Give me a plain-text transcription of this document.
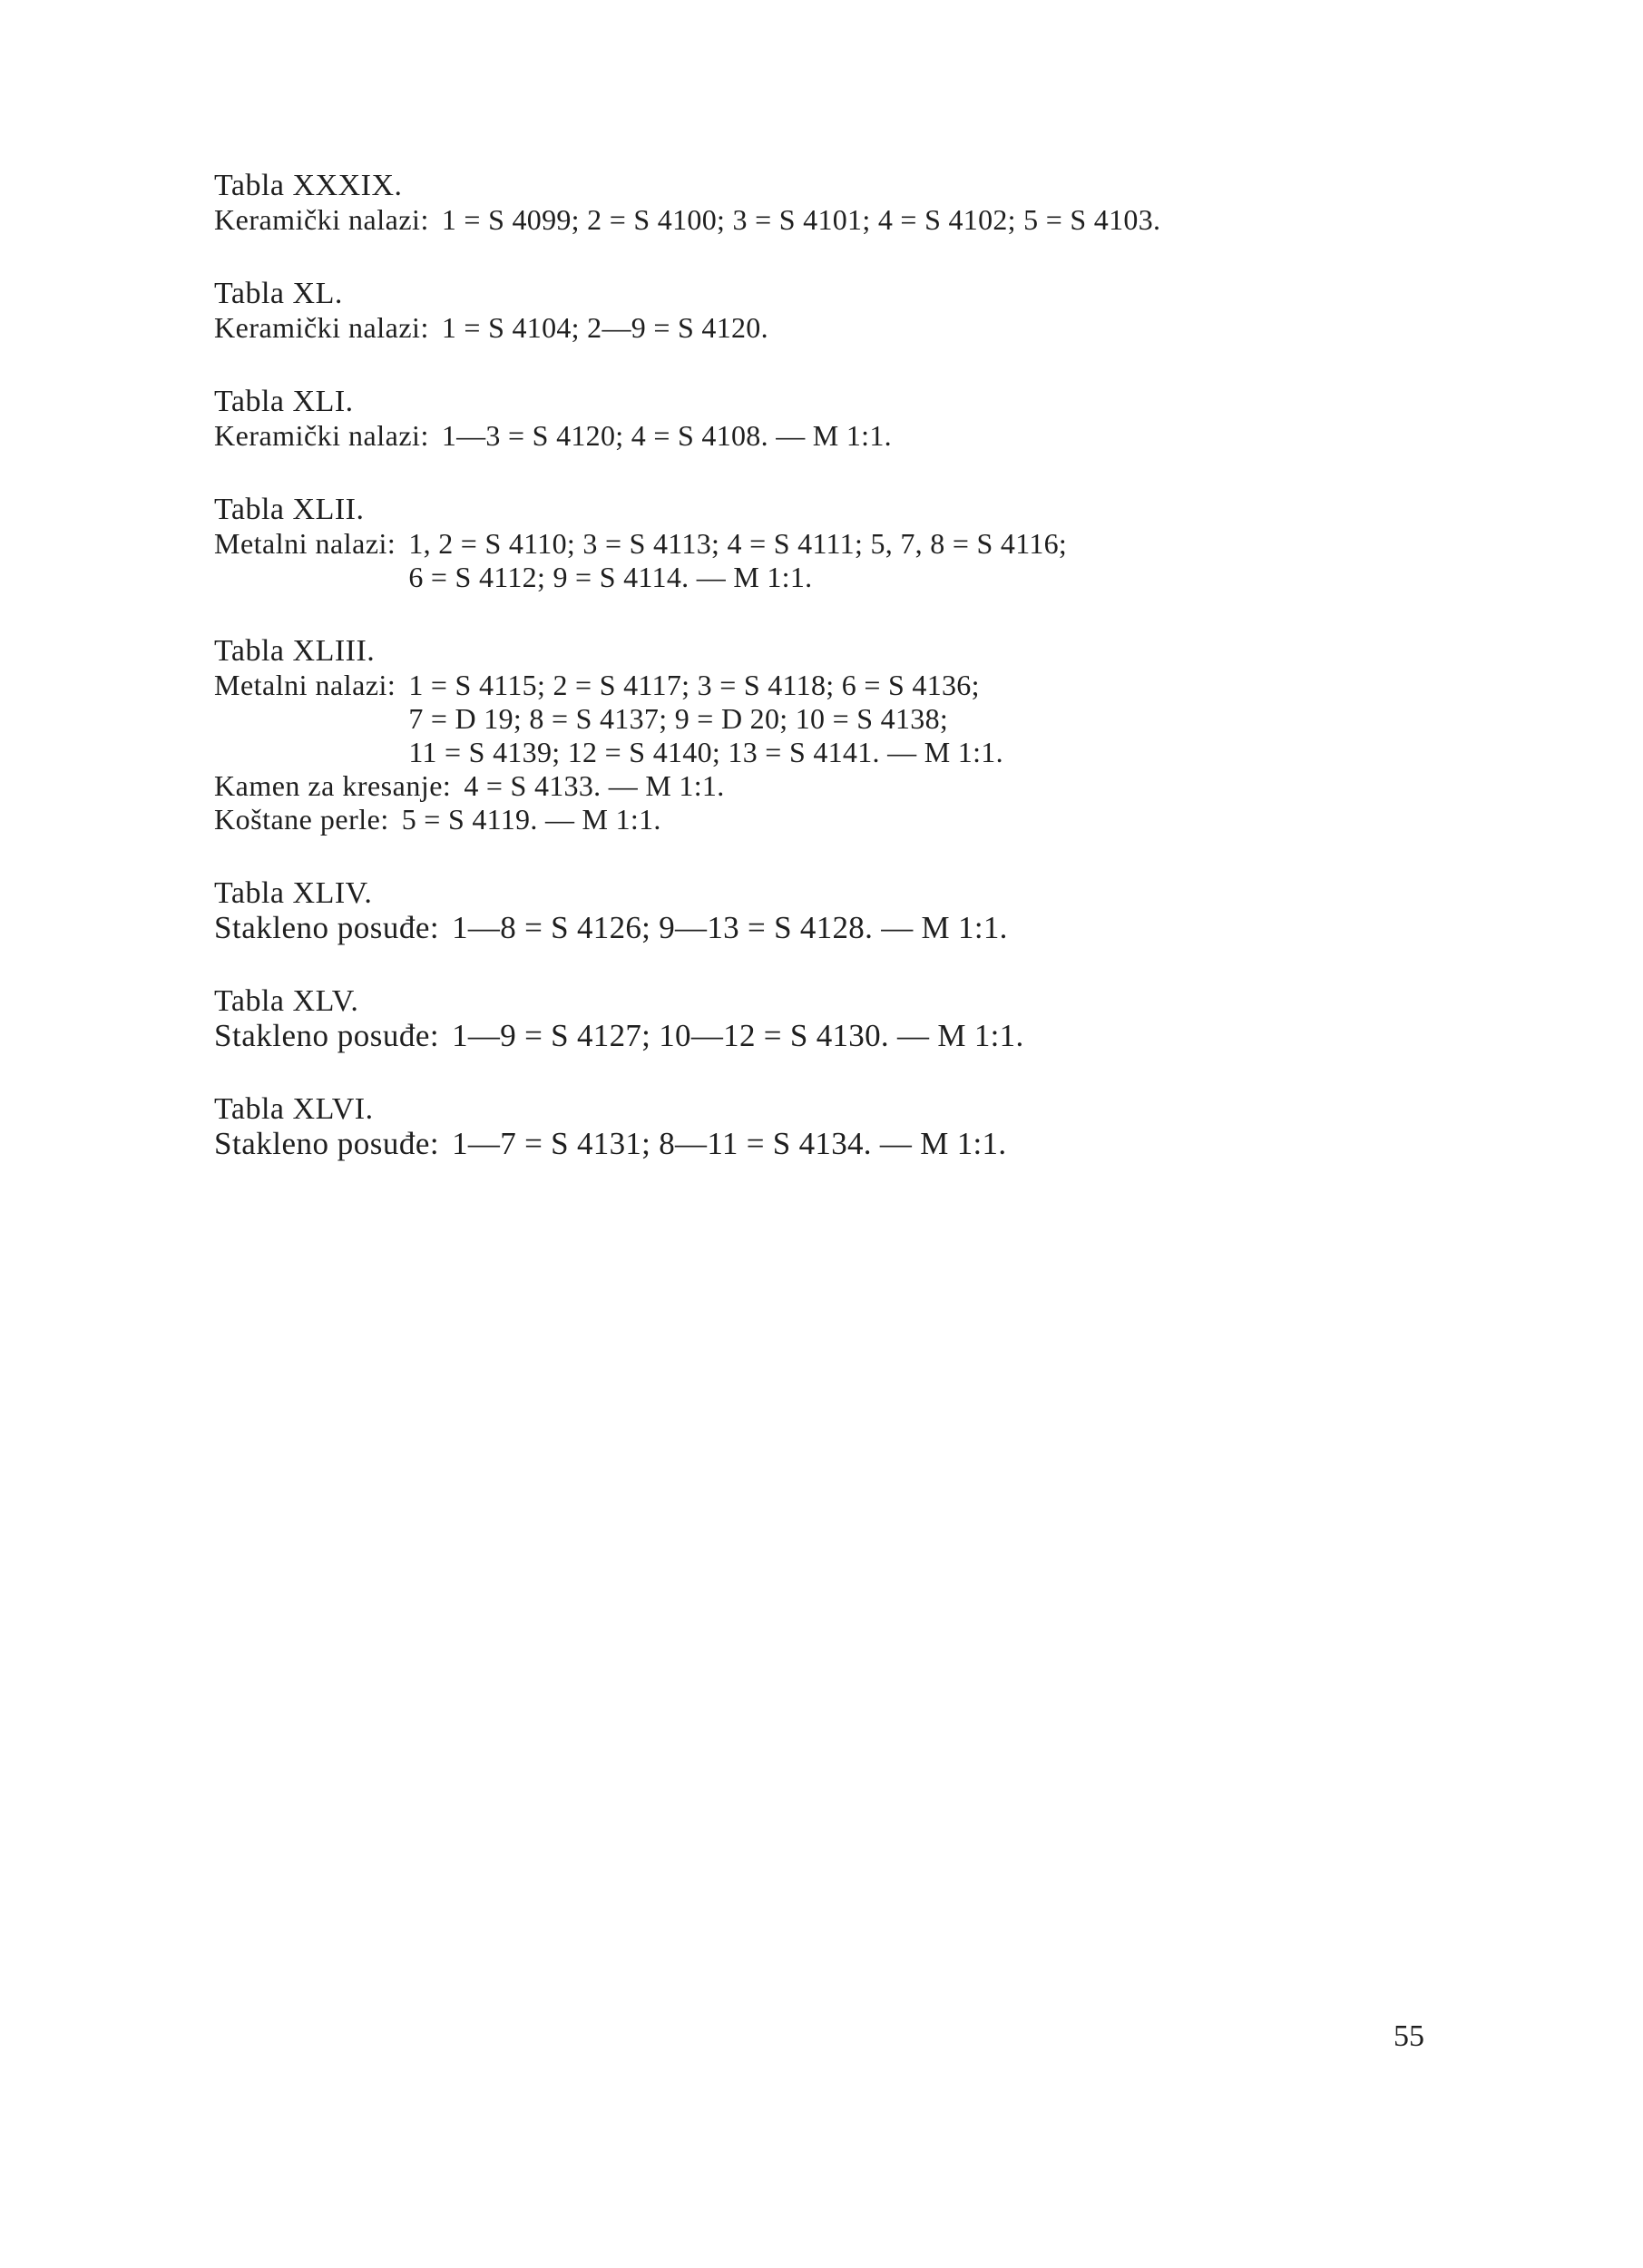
Tabla XXXIX.
Keramički nalazi: 1 = S 4099; 2 = S 4100; 3 = S 4101; 4 = S 4102; 5 = S 4103.
Tabla XL.
Keramički nalazi: 1 = S 4104; 2—9 = S 4120.
Tabla XLI.
Keramički nalazi: 1—3 = S 4120; 4 = S 4108. — M 1:1.
Tabla XLII.
Metalni nalazi: 1, 2 = S 4110; 3 = S 4113; 4 = S 4111; 5, 7, 8 = S 4116;
6 = S 4112; 9 = S 4114. — M 1:1.
Tabla XLIII.
Metalni nalazi: 1 = S 4115; 2 = S 4117; 3 = S 4118; 6 = S 4136;
7 = D 19; 8 = S 4137; 9 = D 20; 10 = S 4138;
11 = S 4139; 12 = S 4140; 13 = S 4141. — M 1:1.
Kamen za kresanje: 4 = S 4133. — M 1:1.
Koštane perle: 5 = S 4119. — M 1:1.
Tabla XLIV.
Stakleno posuđe: 1—8 = S 4126; 9—13 = S 4128. — M 1:1.
Tabla XLV.
Stakleno posuđe: 1—9 = S 4127; 10—12 = S 4130. — M 1:1.
Tabla XLVI.
Stakleno posuđe: 1—7 = S 4131; 8—11 = S 4134. — M 1:1.
55
